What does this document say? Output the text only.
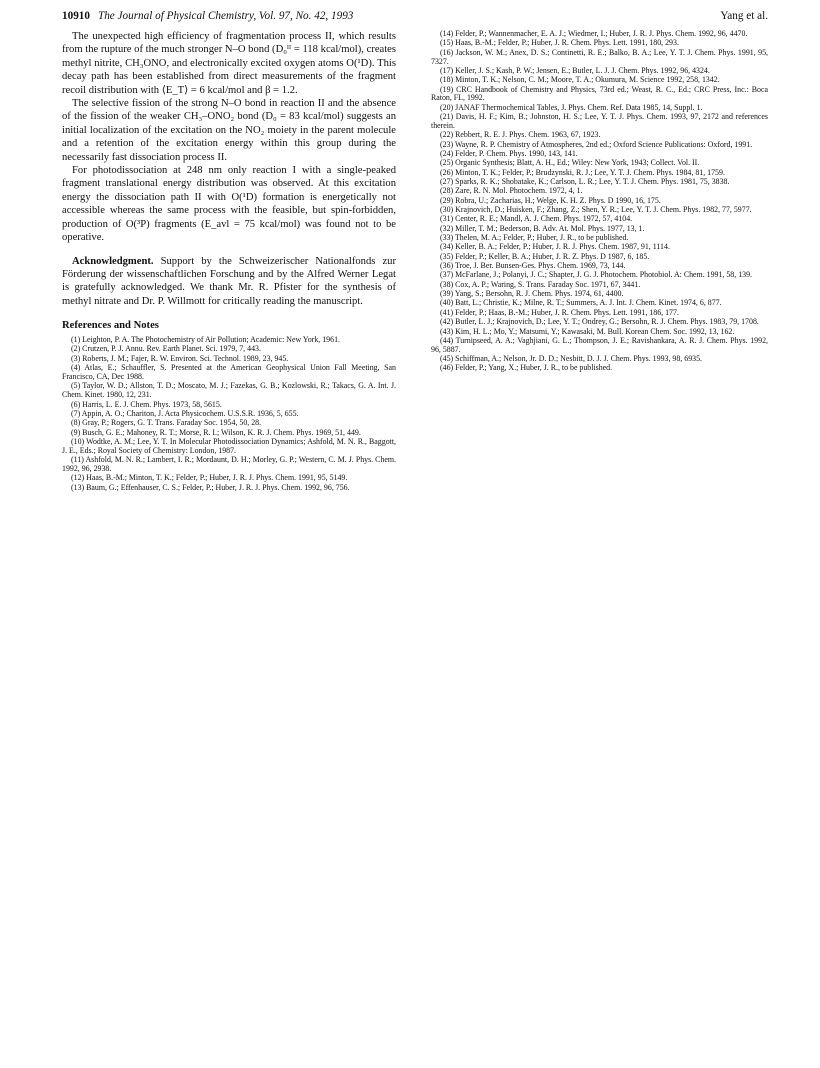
10910 The Journal of Physical Chemistry, Vol. 97, No. 42, 1993	Yang et al.

The unexpected high efficiency of fragmentation process II, which results from the rupture of the much stronger N–O bond (D₀ᴵᴵ = 118 kcal/mol), creates methyl nitrite, CH₃ONO, and electronically excited oxygen atoms O(¹D). This decay path has been established from direct measurements of the fragment recoil distribution with ⟨E_T⟩ = 6 kcal/mol and β = 1.2.

The selective fission of the strong N–O bond in reaction II and the absence of the fission of the weaker CH₃–ONO₂ bond (D₀ = 83 kcal/mol) suggests an initial localization of the excitation on the NO₂ moiety in the parent molecule and a retention of the excitation energy within this group during the necessarily fast dissociation process II.

For photodissociation at 248 nm only reaction I with a single-peaked fragment translational energy distribution was observed. At this excitation energy the dissociation path II with O(¹D) formation is energetically not accessible whereas the same process with the feasible, but spin-forbidden, production of O(³P) fragments (E_avl = 75 kcal/mol) was found not to be operative.

Acknowledgment. Support by the Schweizerischer Nationalfonds zur Förderung der wissenschaftlichen Forschung and by the Alfred Werner Legat is gratefully acknowledged. We thank Mr. R. Pfister for the synthesis of methyl nitrate and Dr. P. Willmott for critically reading the manuscript.

References and Notes
(1) Leighton, P. A. The Photochemistry of Air Pollution; Academic: New York, 1961.
(2) Crutzen, P. J. Annu. Rev. Earth Planet. Sci. 1979, 7, 443.
(3) Roberts, J. M.; Fajer, R. W. Environ. Sci. Technol. 1989, 23, 945.
(4) Atlas, E.; Schauffler, S. Presented at the American Geophysical Union Fall Meeting, San Francisco, CA, Dec 1988.
(5) Taylor, W. D.; Allston, T. D.; Moscato, M. J.; Fazekas, G. B.; Kozlowski, R.; Takacs, G. A. Int. J. Chem. Kinet. 1980, 12, 231.
(6) Harris, L. E. J. Chem. Phys. 1973, 58, 5615.
(7) Appin, A. O.; Chariton, J. Acta Physicochem. U.S.S.R. 1936, 5, 655.
(8) Gray, P.; Rogers, G. T. Trans. Faraday Soc. 1954, 50, 28.
(9) Busch, G. E.; Mahoney, R. T.; Morse, R. I.; Wilson, K. R. J. Chem. Phys. 1969, 51, 449.
(10) Wodtke, A. M.; Lee, Y. T. In Molecular Photodissociation Dynamics; Ashfold, M. N. R., Baggott, J. E., Eds.; Royal Society of Chemistry: London, 1987.
(11) Ashfold, M. N. R.; Lambert, I. R.; Mordaunt, D. H.; Morley, G. P.; Western, C. M. J. Phys. Chem. 1992, 96, 2938.
(12) Haas, B.-M.; Minton, T. K.; Felder, P.; Huber, J. R. J. Phys. Chem. 1991, 95, 5149.
(13) Baum, G.; Effenhauser, C. S.; Felder, P.; Huber, J. R. J. Phys. Chem. 1992, 96, 756.
(14) Felder, P.; Wannenmacher, E. A. J.; Wiedmer, I.; Huber, J. R. J. Phys. Chem. 1992, 96, 4470.
(15) Haas, B.-M.; Felder, P.; Huber, J. R. Chem. Phys. Lett. 1991, 180, 293.
(16) Jackson, W. M.; Anex, D. S.; Continetti, R. E.; Balko, B. A.; Lee, Y. T. J. Chem. Phys. 1991, 95, 7327.
(17) Keller, J. S.; Kash, P. W.; Jensen, E.; Butler, L. J. J. Chem. Phys. 1992, 96, 4324.
(18) Minton, T. K.; Nelson, C. M.; Moore, T. A.; Okumura, M. Science 1992, 258, 1342.
(19) CRC Handbook of Chemistry and Physics, 73rd ed.; Weast, R. C., Ed.; CRC Press, Inc.: Boca Raton, FL, 1992.
(20) JANAF Thermochemical Tables, J. Phys. Chem. Ref. Data 1985, 14, Suppl. 1.
(21) Davis, H. F.; Kim, B.; Johnston, H. S.; Lee, Y. T. J. Phys. Chem. 1993, 97, 2172 and references therein.
(22) Rebbert, R. E. J. Phys. Chem. 1963, 67, 1923.
(23) Wayne, R. P. Chemistry of Atmospheres, 2nd ed.; Oxford Science Publications: Oxford, 1991.
(24) Felder, P. Chem. Phys. 1990, 143, 141.
(25) Organic Synthesis; Blatt, A. H., Ed.; Wiley: New York, 1943; Collect. Vol. II.
(26) Minton, T. K.; Felder, P.; Brudzynski, R. J.; Lee, Y. T. J. Chem. Phys. 1984, 81, 1759.
(27) Sparks, R. K.; Shobatake, K.; Carlson, L. R.; Lee, Y. T. J. Chem. Phys. 1981, 75, 3838.
(28) Zare, R. N. Mol. Photochem. 1972, 4, 1.
(29) Robra, U.; Zacharias, H.; Welge, K. H. Z. Phys. D 1990, 16, 175.
(30) Krajnovich, D.; Huisken, F.; Zhang, Z.; Shen, Y. R.; Lee, Y. T. J. Chem. Phys. 1982, 77, 5977.
(31) Center, R. E.; Mandl, A. J. Chem. Phys. 1972, 57, 4104.
(32) Miller, T. M.; Bederson, B. Adv. At. Mol. Phys. 1977, 13, 1.
(33) Thelen, M. A.; Felder, P.; Huber, J. R., to be published.
(34) Keller, B. A.; Felder, P.; Huber, J. R. J. Phys. Chem. 1987, 91, 1114.
(35) Felder, P.; Keller, B. A.; Huber, J. R. Z. Phys. D 1987, 6, 185.
(36) Troe, J. Ber. Bunsen-Ges. Phys. Chem. 1969, 73, 144.
(37) McFarlane, J.; Polanyi, J. C.; Shapter, J. G. J. Photochem. Photobiol. A: Chem. 1991, 58, 139.
(38) Cox, A. P.; Waring, S. Trans. Faraday Soc. 1971, 67, 3441.
(39) Yang, S.; Bersohn, R. J. Chem. Phys. 1974, 61, 4400.
(40) Batt, L.; Christie, K.; Milne, R. T.; Summers, A. J. Int. J. Chem. Kinet. 1974, 6, 877.
(41) Felder, P.; Haas, B.-M.; Huber, J. R. Chem. Phys. Lett. 1991, 186, 177.
(42) Butler, L. J.; Krajnovich, D.; Lee, Y. T.; Ondrey, G.; Bersohn, R. J. Chem. Phys. 1983, 79, 1708.
(43) Kim, H. L.; Mo, Y.; Matsumi, Y.; Kawasaki, M. Bull. Korean Chem. Soc. 1992, 13, 162.
(44) Turnipseed, A. A.; Vaghjiani, G. L.; Thompson, J. E.; Ravishankara, A. R. J. Chem. Phys. 1992, 96, 5887.
(45) Schiffman, A.; Nelson, Jr. D. D.; Nesbitt, D. J. J. Chem. Phys. 1993, 98, 6935.
(46) Felder, P.; Yang, X.; Huber, J. R., to be published.
